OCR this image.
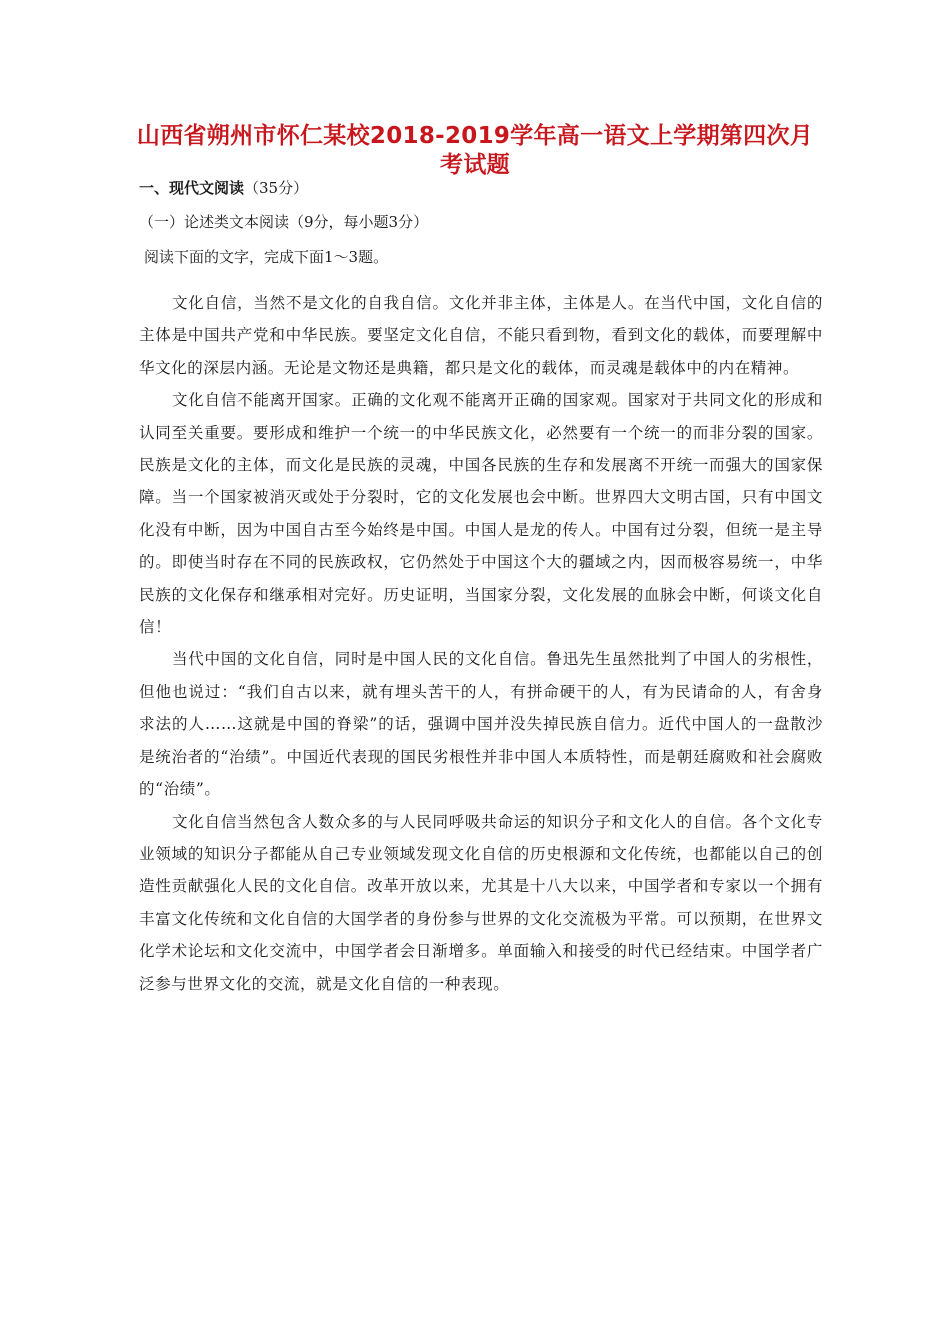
山西省朔州市怀仁某校2018-2019学年高一语文上学期第四次月考试题
一、现代文阅读（35分）
（一）论述类文本阅读（9分，每小题3分）
阅读下面的文字，完成下面1～3题。

文化自信，当然不是文化的自我自信。文化并非主体，主体是人。在当代中国，文化自信的主体是中国共产党和中华民族。要坚定文化自信，不能只看到物，看到文化的载体，而要理解中华文化的深层内涵。无论是文物还是典籍，都只是文化的载体，而灵魂是载体中的内在精神。

文化自信不能离开国家。正确的文化观不能离开正确的国家观。国家对于共同文化的形成和认同至关重要。要形成和维护一个统一的中华民族文化，必然要有一个统一的而非分裂的国家。民族是文化的主体，而文化是民族的灵魂，中国各民族的生存和发展离不开统一而强大的国家保障。当一个国家被消灭或处于分裂时，它的文化发展也会中断。世界四大文明古国，只有中国文化没有中断，因为中国自古至今始终是中国。中国人是龙的传人。中国有过分裂，但统一是主导的。即使当时存在不同的民族政权，它仍然处于中国这个大的疆域之内，因而极容易统一，中华民族的文化保存和继承相对完好。历史证明，当国家分裂，文化发展的血脉会中断，何谈文化自信！

当代中国的文化自信，同时是中国人民的文化自信。鲁迅先生虽然批判了中国人的劣根性，但他也说过：“我们自古以来，就有埋头苦干的人，有拼命硬干的人，有为民请命的人，有舍身求法的人……这就是中国的脊梁”的话，强调中国并没失掉民族自信力。近代中国人的一盘散沙是统治者的“治绩”。中国近代表现的国民劣根性并非中国人本质特性，而是朝廷腐败和社会腐败的“治绩”。

文化自信当然包含人数众多的与人民同呼吸共命运的知识分子和文化人的自信。各个文化专业领域的知识分子都能从自己专业领域发现文化自信的历史根源和文化传统，也都能以自己的创造性贡献强化人民的文化自信。改革开放以来，尤其是十八大以来，中国学者和专家以一个拥有丰富文化传统和文化自信的大国学者的身份参与世界的文化交流极为平常。可以预期，在世界文化学术论坛和文化交流中，中国学者会日渐增多。单面输入和接受的时代已经结束。中国学者广泛参与世界文化的交流，就是文化自信的一种表现。
